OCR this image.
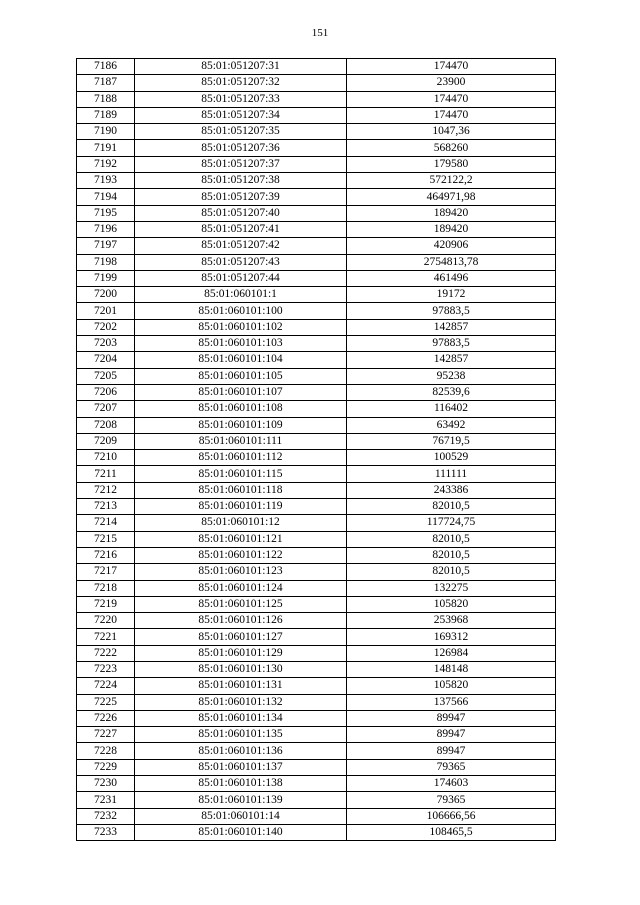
151
7186	85:01:051207:31	174470
7187	85:01:051207:32	23900
7188	85:01:051207:33	174470
7189	85:01:051207:34	174470
7190	85:01:051207:35	1047,36
7191	85:01:051207:36	568260
7192	85:01:051207:37	179580
7193	85:01:051207:38	572122,2
7194	85:01:051207:39	464971,98
7195	85:01:051207:40	189420
7196	85:01:051207:41	189420
7197	85:01:051207:42	420906
7198	85:01:051207:43	2754813,78
7199	85:01:051207:44	461496
7200	85:01:060101:1	19172
7201	85:01:060101:100	97883,5
7202	85:01:060101:102	142857
7203	85:01:060101:103	97883,5
7204	85:01:060101:104	142857
7205	85:01:060101:105	95238
7206	85:01:060101:107	82539,6
7207	85:01:060101:108	116402
7208	85:01:060101:109	63492
7209	85:01:060101:111	76719,5
7210	85:01:060101:112	100529
7211	85:01:060101:115	111111
7212	85:01:060101:118	243386
7213	85:01:060101:119	82010,5
7214	85:01:060101:12	117724,75
7215	85:01:060101:121	82010,5
7216	85:01:060101:122	82010,5
7217	85:01:060101:123	82010,5
7218	85:01:060101:124	132275
7219	85:01:060101:125	105820
7220	85:01:060101:126	253968
7221	85:01:060101:127	169312
7222	85:01:060101:129	126984
7223	85:01:060101:130	148148
7224	85:01:060101:131	105820
7225	85:01:060101:132	137566
7226	85:01:060101:134	89947
7227	85:01:060101:135	89947
7228	85:01:060101:136	89947
7229	85:01:060101:137	79365
7230	85:01:060101:138	174603
7231	85:01:060101:139	79365
7232	85:01:060101:14	106666,56
7233	85:01:060101:140	108465,5
